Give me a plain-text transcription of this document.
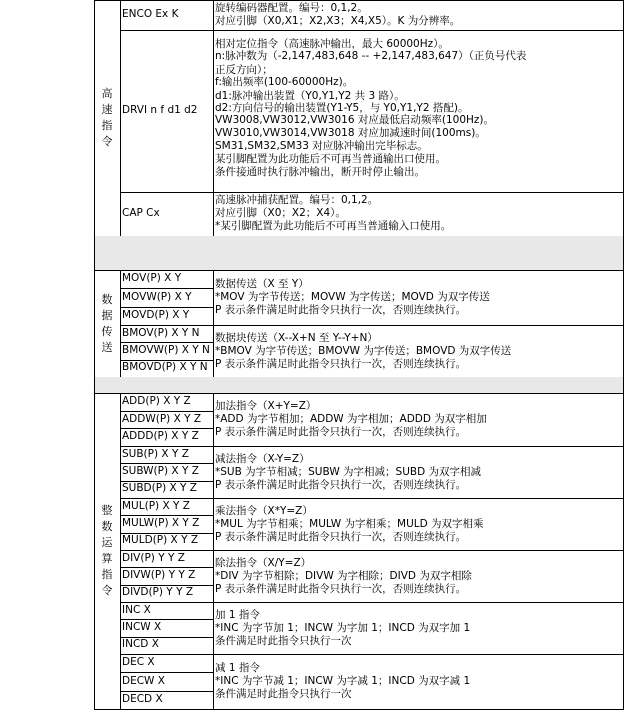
高速指令
ENCO Ex K	旋转编码器配置。编号：0,1,2。
对应引脚（X0,X1；X2,X3；X4,X5）。K 为分辨率。
DRVI n f d1 d2
相对定位指令（高速脉冲输出，最大 60000Hz）。
n:脉冲数为（-2,147,483,648 -- +2,147,483,647）（正负号代表
正反方向）；
f:输出频率(100-60000Hz)。
d1:脉冲输出装置（Y0,Y1,Y2 共 3 路）。
d2:方向信号的输出装置(Y1-Y5，与 Y0,Y1,Y2 搭配)。
VW3008,VW3012,VW3016 对应最低启动频率(100Hz)。
VW3010,VW3014,VW3018 对应加减速时间(100ms)。
SM31,SM32,SM33 对应脉冲输出完毕标志。
某引脚配置为此功能后不可再当普通输出口使用。
条件接通时执行脉冲输出，断开时停止输出。
CAP Cx
高速脉冲捕获配置。编号：0,1,2。
对应引脚（X0；X2；X4）。
*某引脚配置为此功能后不可再当普通输入口使用。
数据传送
MOV(P) X Y
MOVW(P) X Y
MOVD(P) X Y
数据传送（X 至 Y）
*MOV 为字节传送；MOVW 为字传送；MOVD 为双字传送
P 表示条件满足时此指令只执行一次，否则连续执行。
BMOV(P) X Y N
BMOVW(P) X Y N
BMOVD(P) X Y N
数据块传送（X--X+N 至 Y--Y+N）
*BMOV 为字节传送；BMOVW 为字传送；BMOVD 为双字传送
P 表示条件满足时此指令只执行一次，否则连续执行。
整数运算指令
ADD(P) X Y Z
ADDW(P) X Y Z
ADDD(P) X Y Z
加法指令（X+Y=Z）
*ADD 为字节相加；ADDW 为字相加；ADDD 为双字相加
P 表示条件满足时此指令只执行一次，否则连续执行。
SUB(P) X Y Z
SUBW(P) X Y Z
SUBD(P) X Y Z
减法指令（X-Y=Z）
*SUB 为字节相减；SUBW 为字相减；SUBD 为双字相减
P 表示条件满足时此指令只执行一次，否则连续执行。
MUL(P) X Y Z
MULW(P) X Y Z
MULD(P) X Y Z
乘法指令（X*Y=Z）
*MUL 为字节相乘；MULW 为字相乘；MULD 为双字相乘
P 表示条件满足时此指令只执行一次，否则连续执行。
DIV(P) Y Y Z
DIVW(P) Y Y Z
DIVD(P) Y Y Z
除法指令（X/Y=Z）
*DIV 为字节相除；DIVW 为字相除；DIVD 为双字相除
P 表示条件满足时此指令只执行一次，否则连续执行。
INC X
INCW X
INCD X
加 1 指令
*INC 为字节加 1；INCW 为字加 1；INCD 为双字加 1
条件满足时此指令只执行一次
DEC X
DECW X
DECD X
减 1 指令
*INC 为字节减 1；INCW 为字减 1；INCD 为双字减 1
条件满足时此指令只执行一次
